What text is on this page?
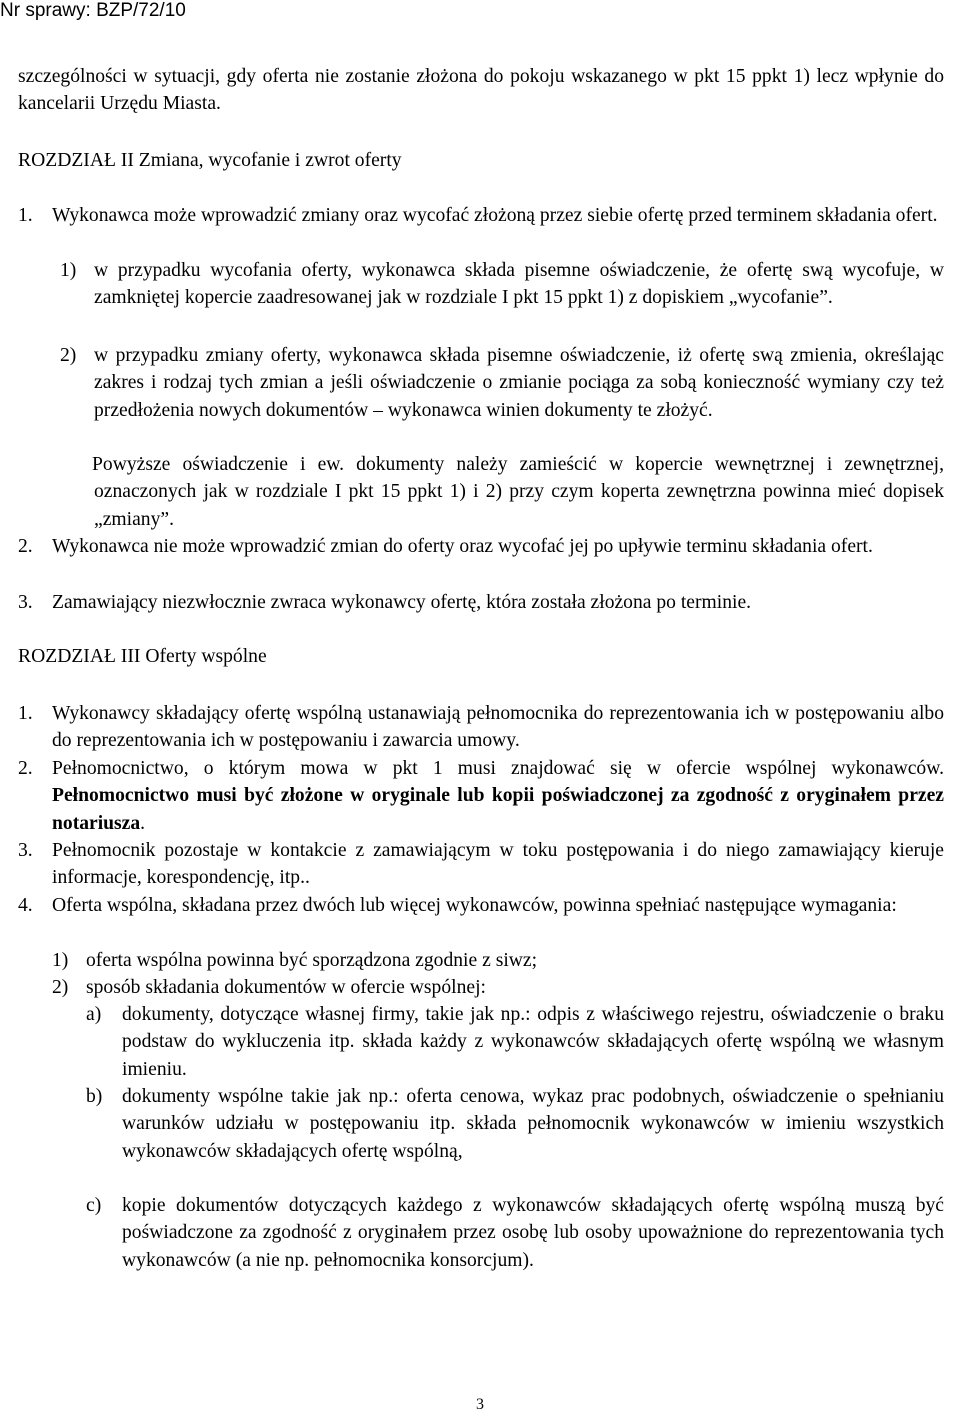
Nr sprawy: BZP/72/10
szczególności w sytuacji, gdy oferta nie zostanie złożona do pokoju wskazanego w pkt 15 ppkt 1) lecz wpłynie do kancelarii Urzędu Miasta.
ROZDZIAŁ II Zmiana, wycofanie i zwrot oferty
1. Wykonawca może wprowadzić zmiany oraz wycofać złożoną przez siebie ofertę przed terminem składania ofert.
1) w przypadku wycofania oferty, wykonawca składa pisemne oświadczenie, że ofertę swą wycofuje, w zamkniętej kopercie zaadresowanej jak w rozdziale I pkt 15 ppkt 1) z dopiskiem „wycofanie”.
2) w przypadku zmiany oferty, wykonawca składa pisemne oświadczenie, iż ofertę swą zmienia, określając zakres i rodzaj tych zmian a jeśli oświadczenie o zmianie pociąga za sobą konieczność wymiany czy też przedłożenia nowych dokumentów – wykonawca winien dokumenty te złożyć.
Powyższe oświadczenie i ew. dokumenty należy zamieścić w kopercie wewnętrznej i zewnętrznej, oznaczonych jak w rozdziale I pkt 15 ppkt 1) i 2) przy czym koperta zewnętrzna powinna mieć dopisek „zmiany”.
2. Wykonawca nie może wprowadzić zmian do oferty oraz wycofać jej po upływie terminu składania ofert.
3. Zamawiający niezwłocznie zwraca wykonawcy ofertę, która została złożona po terminie.
ROZDZIAŁ III Oferty wspólne
1. Wykonawcy składający ofertę wspólną ustanawiają pełnomocnika do reprezentowania ich w postępowaniu albo do reprezentowania ich w postępowaniu i zawarcia umowy.
2. Pełnomocnictwo, o którym mowa w pkt 1 musi znajdować się w ofercie wspólnej wykonawców. Pełnomocnictwo musi być złożone w oryginale lub kopii poświadczonej za zgodność z oryginałem przez notariusza.
3. Pełnomocnik pozostaje w kontakcie z zamawiającym w toku postępowania i do niego zamawiający kieruje informacje, korespondencję, itp..
4. Oferta wspólna, składana przez dwóch lub więcej wykonawców, powinna spełniać następujące wymagania:
1) oferta wspólna powinna być sporządzona zgodnie z siwz;
2) sposób składania dokumentów w ofercie wspólnej:
a)	dokumenty, dotyczące własnej firmy, takie jak np.: odpis z właściwego rejestru, oświadczenie o braku podstaw do wykluczenia itp. składa każdy z wykonawców składających ofertę wspólną we własnym imieniu.
b)	dokumenty wspólne takie jak np.: oferta cenowa, wykaz prac podobnych, oświadczenie o spełnianiu warunków udziału w postępowaniu itp. składa pełnomocnik wykonawców w imieniu wszystkich wykonawców składających ofertę wspólną,
c)	kopie dokumentów dotyczących każdego z wykonawców składających ofertę wspólną muszą być poświadczone za zgodność z oryginałem przez osobę lub osoby upoważnione do reprezentowania tych wykonawców (a nie np. pełnomocnika konsorcjum).
3
